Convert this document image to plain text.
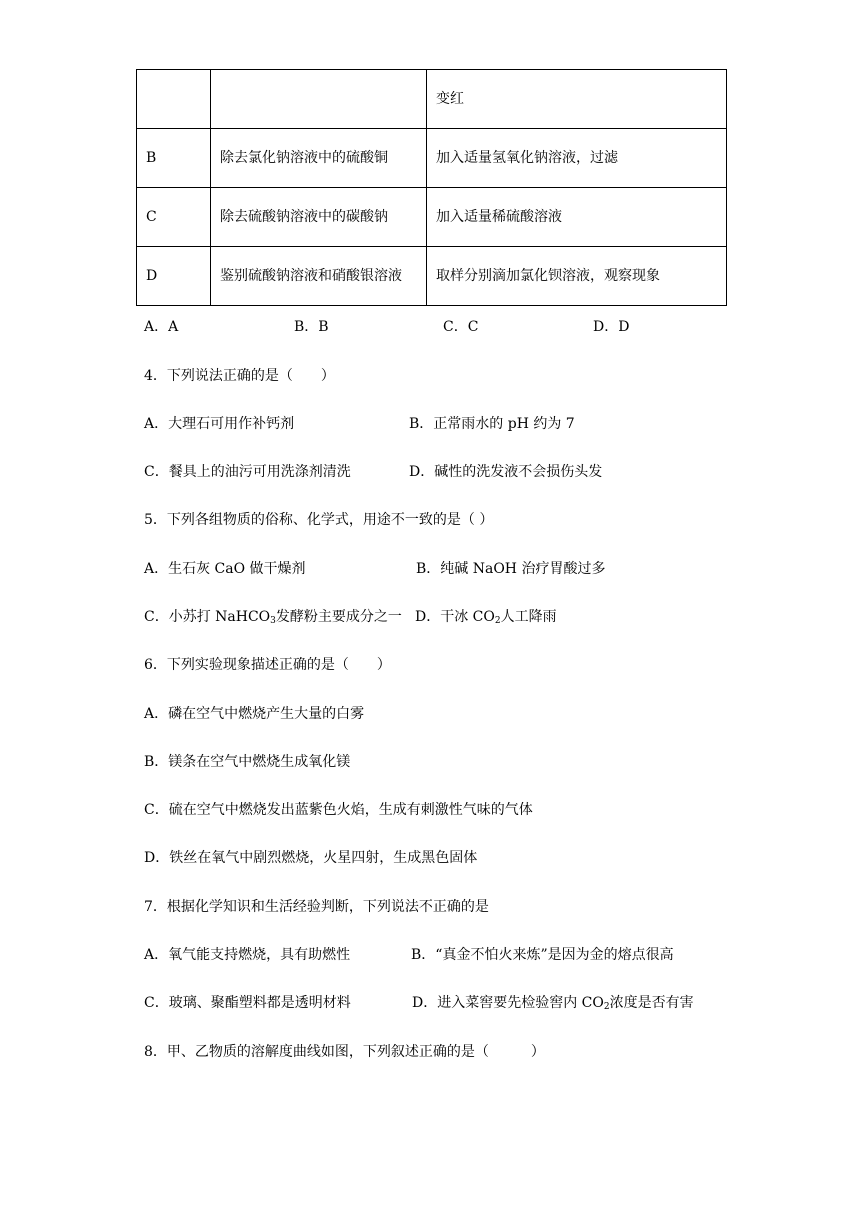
		变红
B	除去氯化钠溶液中的硫酸铜	加入适量氢氧化钠溶液，过滤
C	除去硫酸钠溶液中的碳酸钠	加入适量稀硫酸溶液
D	鉴别硫酸钠溶液和硝酸银溶液	取样分别滴加氯化钡溶液，观察现象
A．A	B．B	C．C	D．D
4．下列说法正确的是（　　）
A．大理石可用作补钙剂	B．正常雨水的 pH 约为 7
C．餐具上的油污可用洗涤剂清洗	D．碱性的洗发液不会损伤头发
5．下列各组物质的俗称、化学式，用途不一致的是（ ）
A．生石灰 CaO 做干燥剂	B．纯碱 NaOH 治疗胃酸过多
C．小苏打 NaHCO$_3$发酵粉主要成分之一 D．干冰 $CO_2$人工降雨
6．下列实验现象描述正确的是（　　）
A．磷在空气中燃烧产生大量的白雾
B．镁条在空气中燃烧生成氧化镁
C．硫在空气中燃烧发出蓝紫色火焰，生成有刺激性气味的气体
D．铁丝在氧气中剧烈燃烧，火星四射，生成黑色固体
7．根据化学知识和生活经验判断，下列说法不正确的是
A．氧气能支持燃烧，具有助燃性	B．“真金不怕火来炼”是因为金的熔点很高
C．玻璃、聚酯塑料都是透明材料	D．进入菜窖要先检验窖内 $CO_2$浓度是否有害
8．甲、乙物质的溶解度曲线如图，下列叙述正确的是（　　　）
